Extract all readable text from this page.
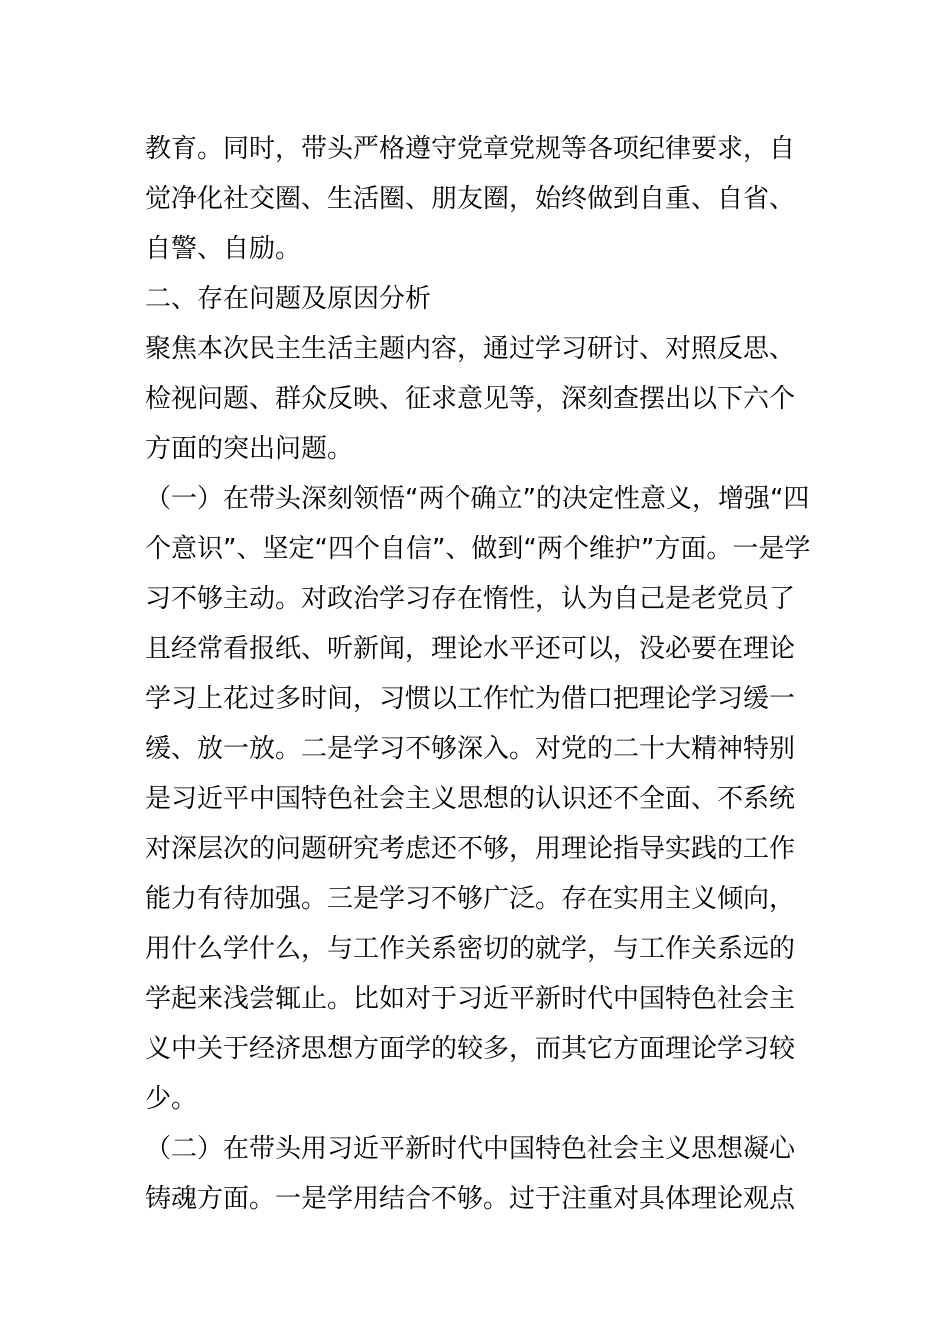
教育。同时，带头严格遵守党章党规等各项纪律要求，自
觉净化社交圈、生活圈、朋友圈，始终做到自重、自省、
自警、自励。
二、存在问题及原因分析
聚焦本次民主生活主题内容，通过学习研讨、对照反思、
检视问题、群众反映、征求意见等，深刻查摆出以下六个
方面的突出问题。
（一）在带头深刻领悟“两个确立”的决定性意义，增强“四
个意识”、坚定“四个自信”、做到“两个维护”方面。一是学
习不够主动。对政治学习存在惰性，认为自己是老党员了
且经常看报纸、听新闻，理论水平还可以，没必要在理论
学习上花过多时间，习惯以工作忙为借口把理论学习缓一
缓、放一放。二是学习不够深入。对党的二十大精神特别
是习近平中国特色社会主义思想的认识还不全面、不系统
对深层次的问题研究考虑还不够，用理论指导实践的工作
能力有待加强。三是学习不够广泛。存在实用主义倾向，
用什么学什么，与工作关系密切的就学，与工作关系远的
学起来浅尝辄止。比如对于习近平新时代中国特色社会主
义中关于经济思想方面学的较多，而其它方面理论学习较
少。
（二）在带头用习近平新时代中国特色社会主义思想凝心
铸魂方面。一是学用结合不够。过于注重对具体理论观点
